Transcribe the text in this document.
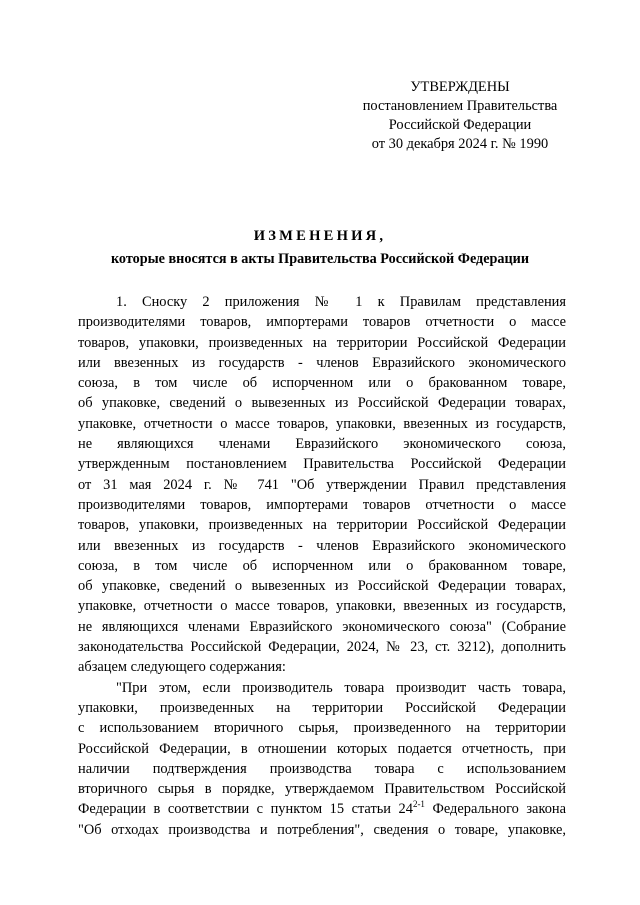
УТВЕРЖДЕНЫ
постановлением Правительства
Российской Федерации
от 30 декабря 2024 г. № 1990
ИЗМЕНЕНИЯ,
которые вносятся в акты Правительства Российской Федерации
1. Сноску 2 приложения № 1 к Правилам представления
производителями товаров, импортерами товаров отчетности о массе
товаров, упаковки, произведенных на территории Российской Федерации
или ввезенных из государств - членов Евразийского экономического
союза, в том числе об испорченном или о бракованном товаре,
об упаковке, сведений о вывезенных из Российской Федерации товарах,
упаковке, отчетности о массе товаров, упаковки, ввезенных из государств,
не являющихся членами Евразийского экономического союза,
утвержденным постановлением Правительства Российской Федерации
от 31 мая 2024 г. № 741 "Об утверждении Правил представления
производителями товаров, импортерами товаров отчетности о массе
товаров, упаковки, произведенных на территории Российской Федерации
или ввезенных из государств - членов Евразийского экономического
союза, в том числе об испорченном или о бракованном товаре,
об упаковке, сведений о вывезенных из Российской Федерации товарах,
упаковке, отчетности о массе товаров, упаковки, ввезенных из государств,
не являющихся членами Евразийского экономического союза" (Собрание
законодательства Российской Федерации, 2024, № 23, ст. 3212), дополнить
абзацем следующего содержания:
"При этом, если производитель товара производит часть товара,
упаковки, произведенных на территории Российской Федерации
с использованием вторичного сырья, произведенного на территории
Российской Федерации, в отношении которых подается отчетность, при
наличии подтверждения производства товара с использованием
вторичного сырья в порядке, утверждаемом Правительством Российской
Федерации в соответствии с пунктом 15 статьи 24$^{2-1}$ Федерального закона
"Об отходах производства и потребления", сведения о товаре, упаковке,
